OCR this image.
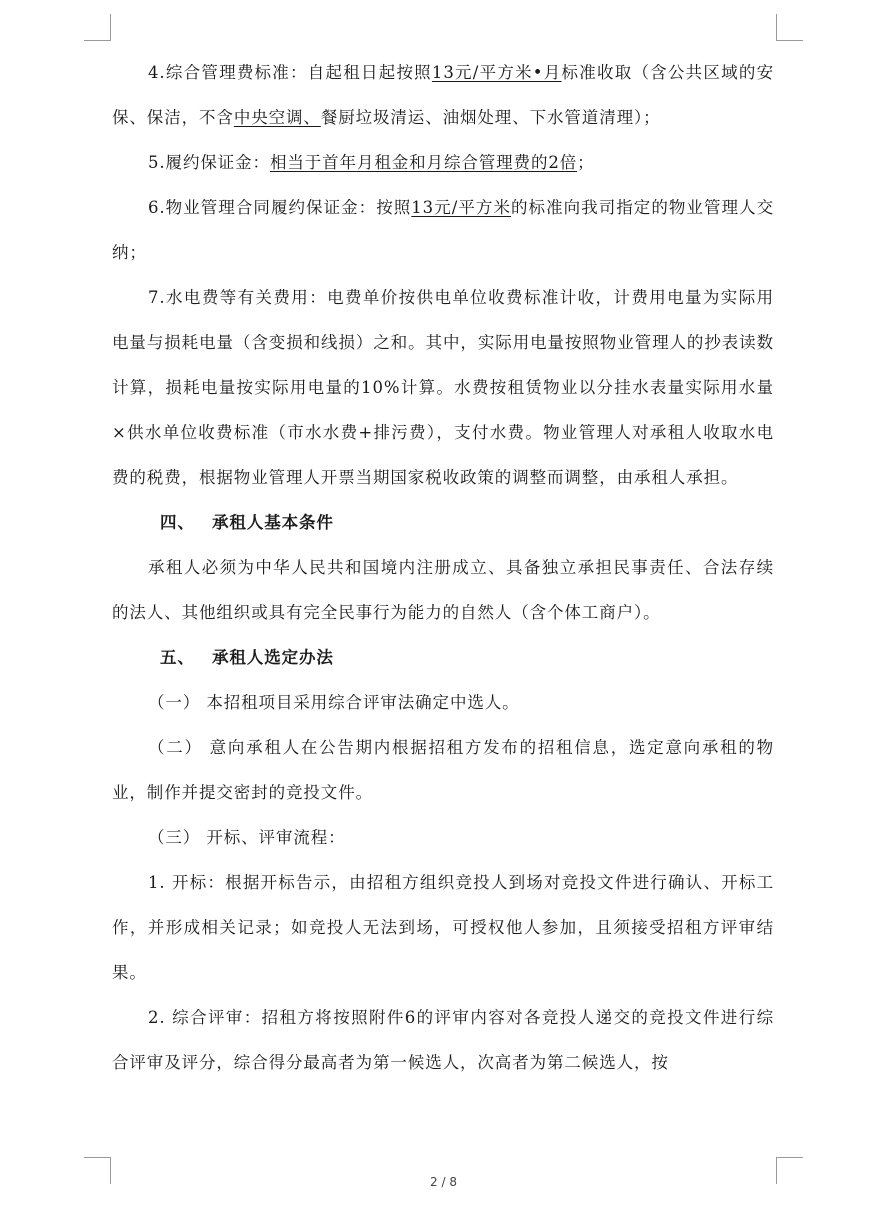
4.综合管理费标准：自起租日起按照13元/平方米•月标准收取（含公共区域的安保、保洁，不含中央空调、餐厨垃圾清运、油烟处理、下水管道清理）；

5.履约保证金：相当于首年月租金和月综合管理费的2倍；

6.物业管理合同履约保证金：按照13元/平方米的标准向我司指定的物业管理人交纳；

7.水电费等有关费用：电费单价按供电单位收费标准计收，计费用电量为实际用电量与损耗电量（含变损和线损）之和。其中，实际用电量按照物业管理人的抄表读数计算，损耗电量按实际用电量的10%计算。水费按租赁物业以分挂水表量实际用水量×供水单位收费标准（市水水费+排污费），支付水费。物业管理人对承租人收取水电费的税费，根据物业管理人开票当期国家税收政策的调整而调整，由承租人承担。

四、 承租人基本条件

承租人必须为中华人民共和国境内注册成立、具备独立承担民事责任、合法存续的法人、其他组织或具有完全民事行为能力的自然人（含个体工商户）。

五、 承租人选定办法

（一） 本招租项目采用综合评审法确定中选人。

（二） 意向承租人在公告期内根据招租方发布的招租信息，选定意向承租的物业，制作并提交密封的竞投文件。

（三） 开标、评审流程：

1. 开标：根据开标告示，由招租方组织竞投人到场对竞投文件进行确认、开标工作，并形成相关记录；如竞投人无法到场，可授权他人参加，且须接受招租方评审结果。

2. 综合评审：招租方将按照附件6的评审内容对各竞投人递交的竞投文件进行综合评审及评分，综合得分最高者为第一候选人，次高者为第二候选人，按

2 / 8
